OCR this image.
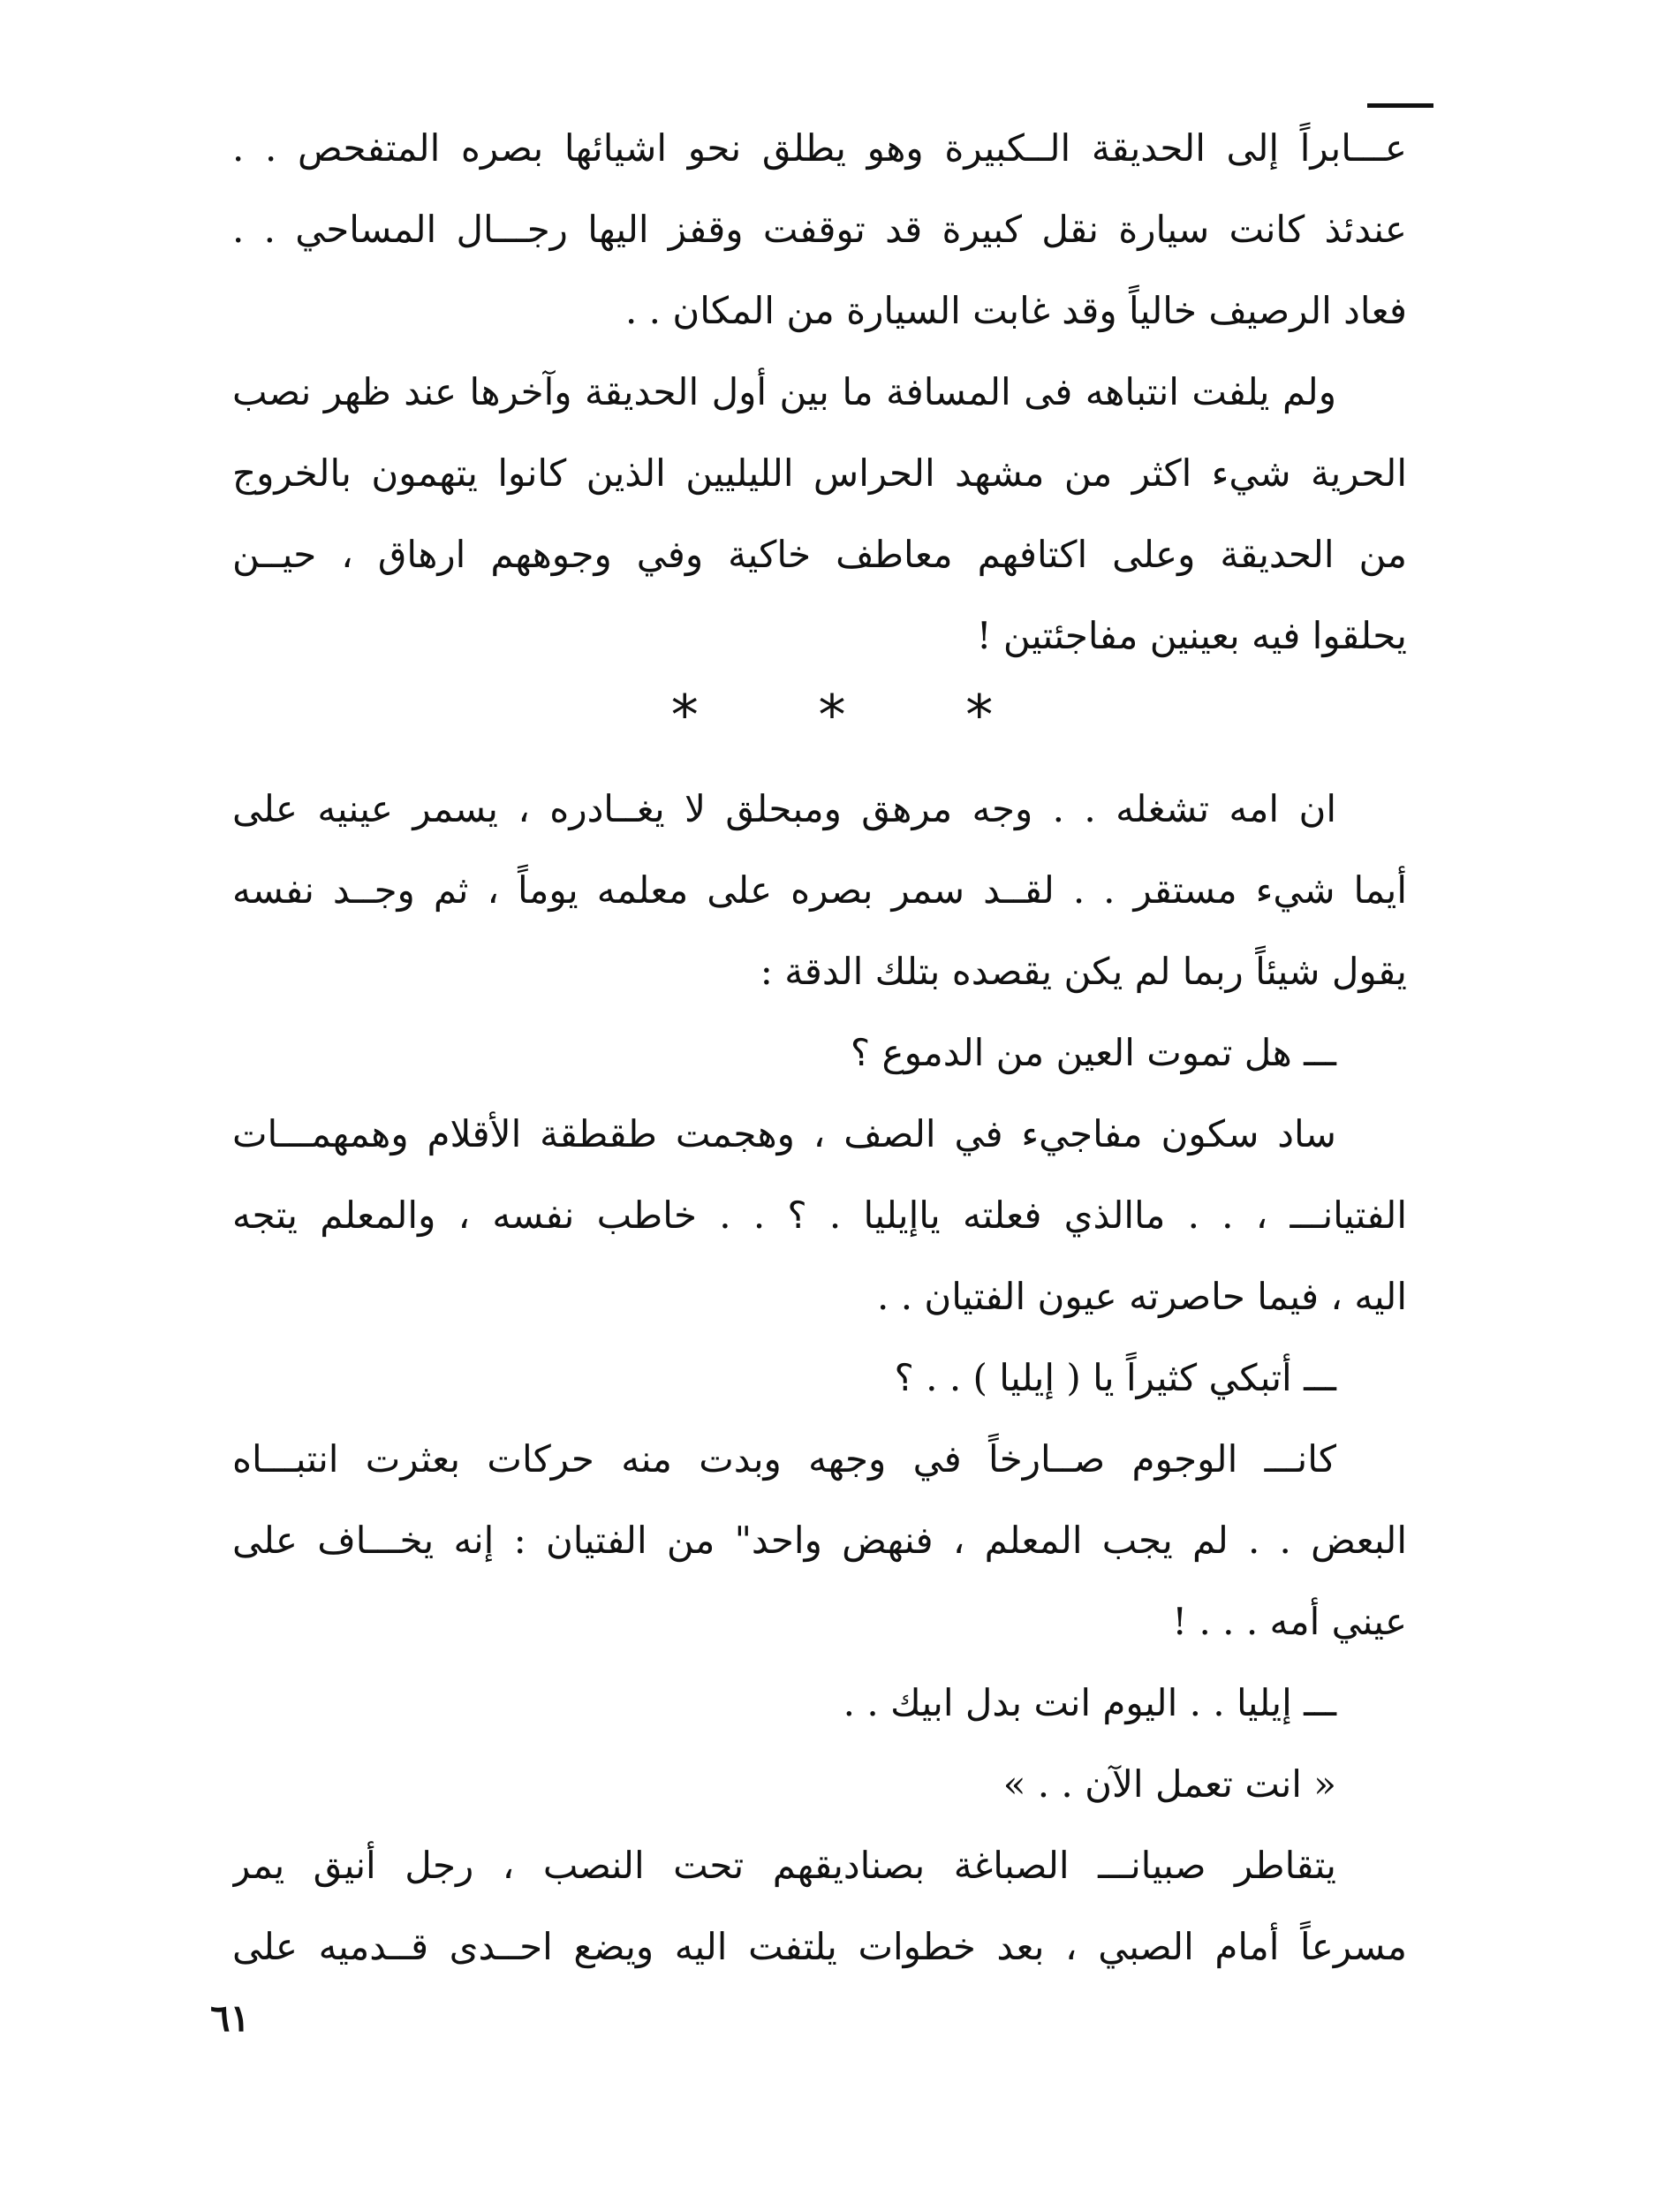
عـــابراً إلى الحديقة الــكبيرة وهو يطلق نحو اشيائها بصره المتفحص . .
عندئذ كانت سيارة نقل كبيرة قد توقفت وقفز اليها رجـــال المساحي . .
فعاد الرصيف خالياً وقد غابت السيارة من المكان . .
ولم يلفت انتباهه فى المسافة ما بين أول الحديقة وآخرها عند ظهر نصب
الحرية شيء اكثر من مشهد الحراس الليليين الذين كانوا يتهمون بالخروج
من الحديقة وعلى اكتافهم معاطف خاكية وفي وجوههم ارهاق ، حيــن
يحلقوا فيه بعينين مفاجئتين !
* * *
ان امه تشغله . . وجه مرهق ومبحلق لا يغــادره ، يسمر عينيه على
أيما شيء مستقر . . لقــد سمر بصره على معلمه يوماً ، ثم وجــد نفسه
يقول شيئاً ربما لم يكن يقصده بتلك الدقة :
ـــ هل تموت العين من الدموع ؟
ساد سكون مفاجيء في الصف ، وهجمت طقطقة الأقلام وهمهمـــات
الفتيانـــ ، . . ماالذي فعلته ياإيليا . ؟ . . خاطب نفسه ، والمعلم يتجه
اليه ، فيما حاصرته عيون الفتيان . .
ـــ أتبكي كثيراً يا ( إيليا ) . . ؟
كانـــ الوجوم صــارخاً في وجهه وبدت منه حركات بعثرت انتبـــاه
البعض . . لم يجب المعلم ، فنهض واحد" من الفتيان : إنه يخـــاف على
عيني أمه . . . !
ـــ إيليا . . اليوم انت بدل ابيك . .
« انت تعمل الآن . . »
يتقاطر صبيانـــ الصباغة بصناديقهم تحت النصب ، رجل أنيق يمر
مسرعاً أمام الصبي ، بعد خطوات يلتفت اليه ويضع احــدى قــدميه على
٦١
